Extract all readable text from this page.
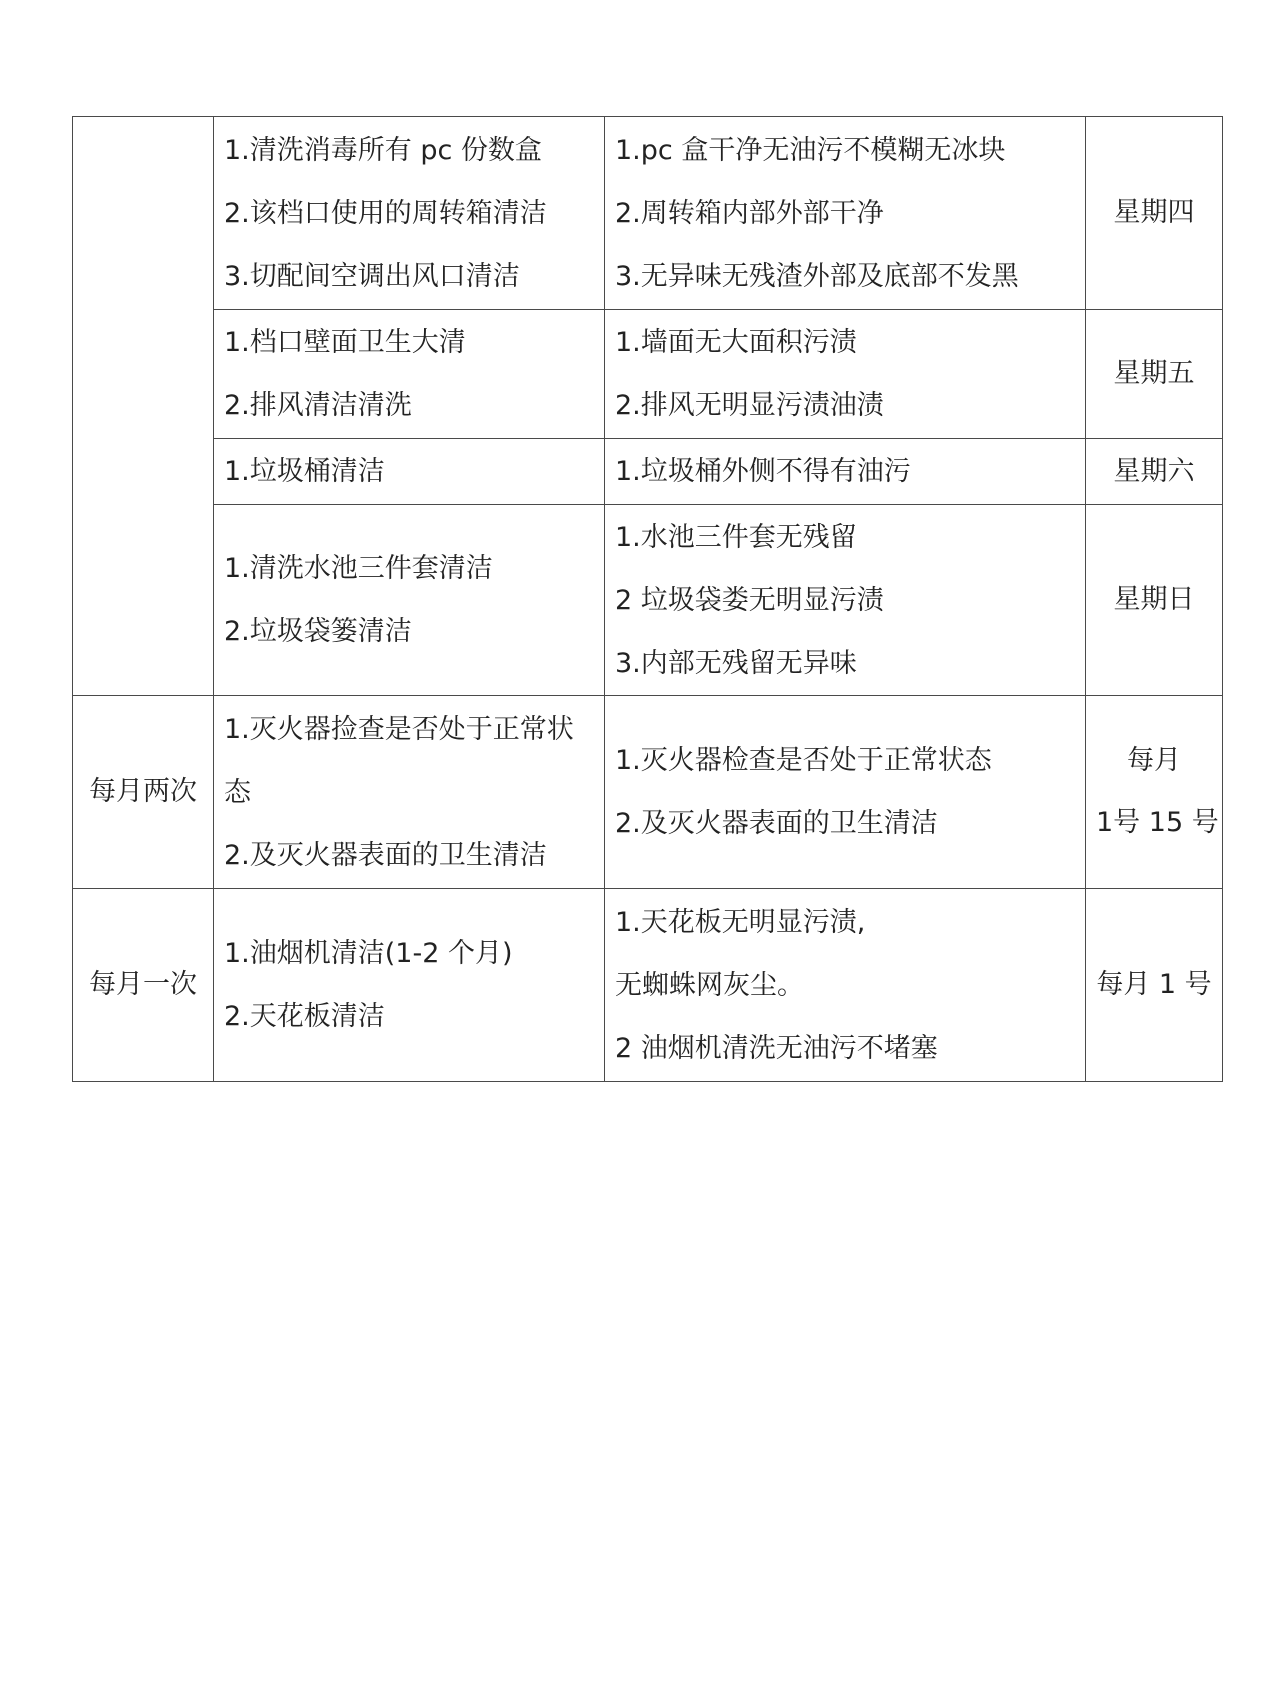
	1.清洗消毒所有 pc 份数盒
2.该档口使用的周转箱清洁
3.切配间空调出风口清洁	1.pc 盒干净无油污不模糊无冰块
2.周转箱内部外部干净
3.无异味无残渣外部及底部不发黑	星期四

	1.档口壁面卫生大清
2.排风清洁清洗	1.墙面无大面积污渍
2.排风无明显污渍油渍	星期五

	1.垃圾桶清洁	1.垃圾桶外侧不得有油污	星期六

	1.清洗水池三件套清洁
2.垃圾袋篓清洁	1.水池三件套无残留
2 垃圾袋娄无明显污渍
3.内部无残留无异味	星期日

每月两次	1.灭火器捡查是否处于正常状态
2.及灭火器表面的卫生清洁	1.灭火器检查是否处于正常状态
2.及灭火器表面的卫生清洁	每月
1号 15 号

每月一次	1.油烟机清洁(1-2 个月)
2.天花板清洁	1.天花板无明显污渍,
无蜘蛛网灰尘。
2 油烟机清洗无油污不堵塞	每月 1 号
